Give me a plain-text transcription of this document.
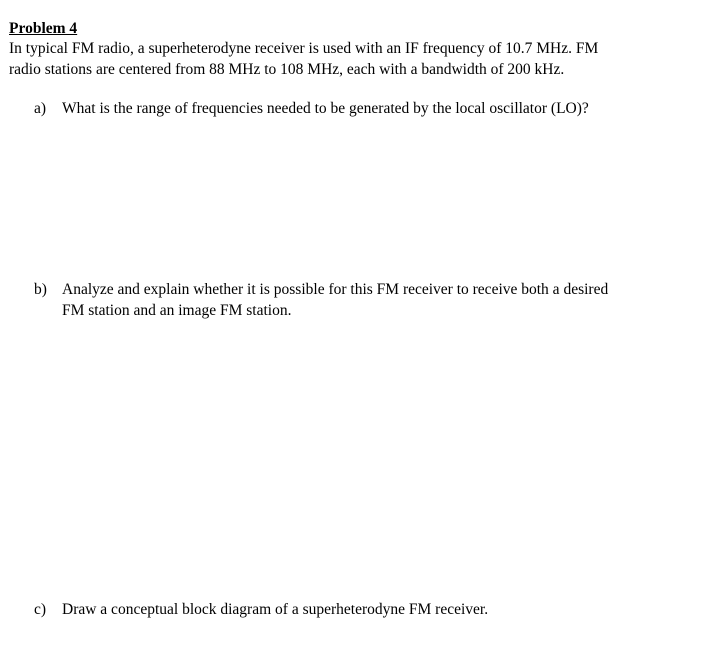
Problem 4
In typical FM radio, a superheterodyne receiver is used with an IF frequency of 10.7 MHz. FM
radio stations are centered from 88 MHz to 108 MHz, each with a bandwidth of 200 kHz.
a) What is the range of frequencies needed to be generated by the local oscillator (LO)?
b) Analyze and explain whether it is possible for this FM receiver to receive both a desired
FM station and an image FM station.
c) Draw a conceptual block diagram of a superheterodyne FM receiver.
